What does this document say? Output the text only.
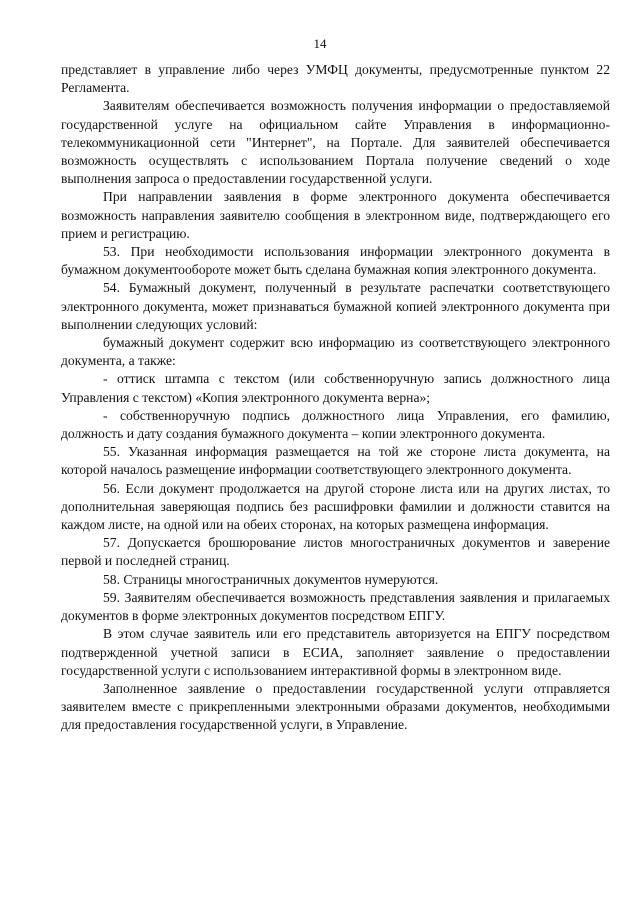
14

представляет в управление либо через УМФЦ документы, предусмотренные пунктом 22 Регламента.

Заявителям обеспечивается возможность получения информации о предоставляемой государственной услуге на официальном сайте Управления в информационно-телекоммуникационной сети "Интернет", на Портале. Для заявителей обеспечивается возможность осуществлять с использованием Портала получение сведений о ходе выполнения запроса о предоставлении государственной услуги.

При направлении заявления в форме электронного документа обеспечивается возможность направления заявителю сообщения в электронном виде, подтверждающего его прием и регистрацию.

53. При необходимости использования информации электронного документа в бумажном документообороте может быть сделана бумажная копия электронного документа.

54. Бумажный документ, полученный в результате распечатки соответствующего электронного документа, может признаваться бумажной копией электронного документа при выполнении следующих условий:

бумажный документ содержит всю информацию из соответствующего электронного документа, а также:

- оттиск штампа с текстом (или собственноручную запись должностного лица Управления с текстом) «Копия электронного документа верна»;

- собственноручную подпись должностного лица Управления, его фамилию, должность и дату создания бумажного документа – копии электронного документа.

55. Указанная информация размещается на той же стороне листа документа, на которой началось размещение информации соответствующего электронного документа.

56. Если документ продолжается на другой стороне листа или на других листах, то дополнительная заверяющая подпись без расшифровки фамилии и должности ставится на каждом листе, на одной или на обеих сторонах, на которых размещена информация.

57. Допускается брошюрование листов многостраничных документов и заверение первой и последней страниц.

58. Страницы многостраничных документов нумеруются.

59. Заявителям обеспечивается возможность представления заявления и прилагаемых документов в форме электронных документов посредством ЕПГУ.

В этом случае заявитель или его представитель авторизуется на ЕПГУ посредством подтвержденной учетной записи в ЕСИА, заполняет заявление о предоставлении государственной услуги с использованием интерактивной формы в электронном виде.

Заполненное заявление о предоставлении государственной услуги отправляется заявителем вместе с прикрепленными электронными образами документов, необходимыми для предоставления государственной услуги, в Управление.
